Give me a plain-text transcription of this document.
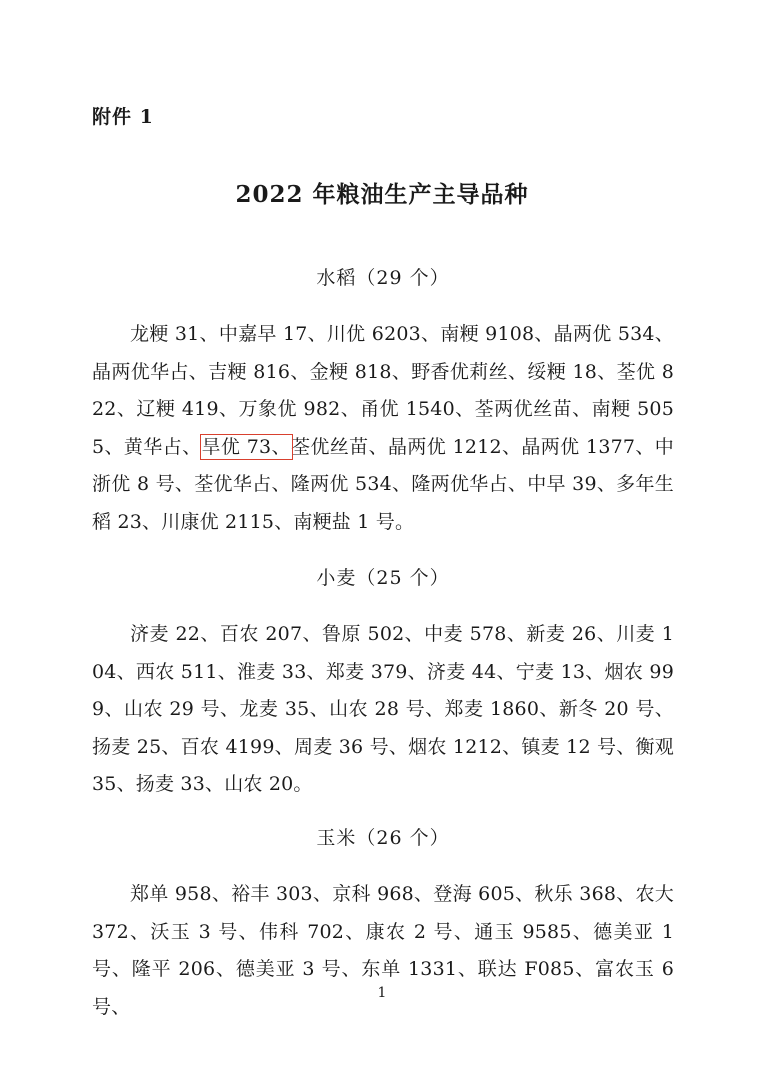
附件 1
2022 年粮油生产主导品种
水稻（29 个）

龙粳 31、中嘉早 17、川优 6203、南粳 9108、晶两优 534、晶两优华占、吉粳 816、金粳 818、野香优莉丝、绥粳 18、荃优 822、辽粳 419、万象优 982、甬优 1540、荃两优丝苗、南粳 5055、黄华占、旱优 73、荃优丝苗、晶两优 1212、晶两优 1377、中浙优 8 号、荃优华占、隆两优 534、隆两优华占、中早 39、多年生稻 23、川康优 2115、南粳盐 1 号。

小麦（25 个）

济麦 22、百农 207、鲁原 502、中麦 578、新麦 26、川麦 104、西农 511、淮麦 33、郑麦 379、济麦 44、宁麦 13、烟农 999、山农 29 号、龙麦 35、山农 28 号、郑麦 1860、新冬 20 号、扬麦 25、百农 4199、周麦 36 号、烟农 1212、镇麦 12 号、衡观 35、扬麦 33、山农 20。

玉米（26 个）

郑单 958、裕丰 303、京科 968、登海 605、秋乐 368、农大 372、沃玉 3 号、伟科 702、康农 2 号、通玉 9585、德美亚 1 号、隆平 206、德美亚 3 号、东单 1331、联达 F085、富农玉 6 号、

1
